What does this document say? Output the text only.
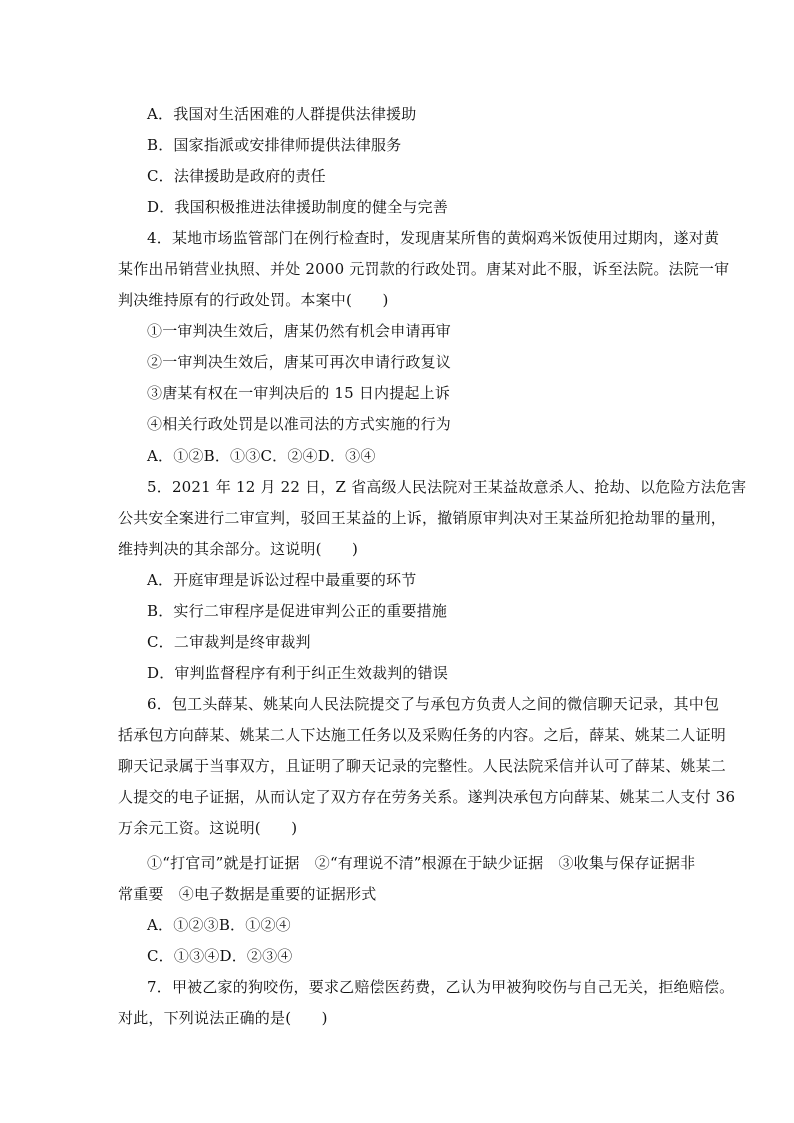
A．我国对生活困难的人群提供法律援助
B．国家指派或安排律师提供法律服务
C．法律援助是政府的责任
D．我国积极推进法律援助制度的健全与完善
4．某地市场监管部门在例行检查时，发现唐某所售的黄焖鸡米饭使用过期肉，遂对黄
某作出吊销营业执照、并处 2000 元罚款的行政处罚。唐某对此不服，诉至法院。法院一审
判决维持原有的行政处罚。本案中(　　)
①一审判决生效后，唐某仍然有机会申请再审
②一审判决生效后，唐某可再次申请行政复议
③唐某有权在一审判决后的 15 日内提起上诉
④相关行政处罚是以准司法的方式实施的行为
A．①②B．①③C．②④D．③④
5．2021 年 12 月 22 日，Z 省高级人民法院对王某益故意杀人、抢劫、以危险方法危害
公共安全案进行二审宣判，驳回王某益的上诉，撤销原审判决对王某益所犯抢劫罪的量刑，
维持判决的其余部分。这说明(　　)
A．开庭审理是诉讼过程中最重要的环节
B．实行二审程序是促进审判公正的重要措施
C．二审裁判是终审裁判
D．审判监督程序有利于纠正生效裁判的错误
6．包工头薛某、姚某向人民法院提交了与承包方负责人之间的微信聊天记录，其中包
括承包方向薛某、姚某二人下达施工任务以及采购任务的内容。之后，薛某、姚某二人证明
聊天记录属于当事双方，且证明了聊天记录的完整性。人民法院采信并认可了薛某、姚某二
人提交的电子证据，从而认定了双方存在劳务关系。遂判决承包方向薛某、姚某二人支付 36
万余元工资。这说明(　　)
①“打官司”就是打证据　②“有理说不清”根源在于缺少证据　③收集与保存证据非
常重要　④电子数据是重要的证据形式
A．①②③B．①②④
C．①③④D．②③④
7．甲被乙家的狗咬伤，要求乙赔偿医药费，乙认为甲被狗咬伤与自己无关，拒绝赔偿。
对此，下列说法正确的是(　　)
